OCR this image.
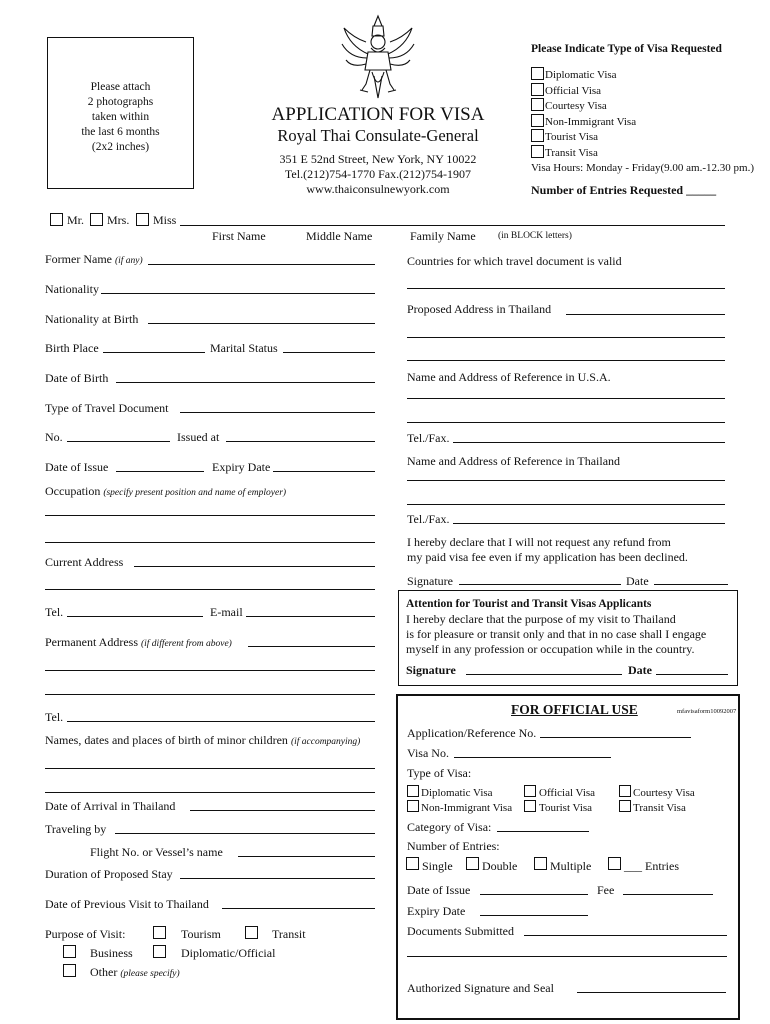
Please attach
2 photographs
taken within
the last 6 months
(2x2 inches)
APPLICATION FOR VISA
Royal Thai Consulate-General
351 E 52nd Street, New York, NY 10022
Tel.(212)754-1770 Fax.(212)754-1907
www.thaiconsulnewyork.com
Please Indicate Type of Visa Requested
Diplomatic Visa
Official Visa
Courtesy Visa
Non-Immigrant Visa
Tourist Visa
Transit Visa
Visa Hours: Monday - Friday(9.00 am.-12.30 pm.)
Number of Entries Requested _____
Mr. Mrs. Miss
First Name	Middle Name	Family Name (in BLOCK letters)
Former Name (if any)
Nationality
Nationality at Birth
Birth Place	Marital Status
Date of Birth
Type of Travel Document
No.	Issued at
Date of Issue	Expiry Date
Occupation (specify present position and name of employer)
Current Address
Tel.	E-mail
Permanent Address (if different from above)
Tel.
Names, dates and places of birth of minor children (if accompanying)
Date of Arrival in Thailand
Traveling by
Flight No. or Vessel’s name
Duration of Proposed Stay
Date of Previous Visit to Thailand
Purpose of Visit:	Tourism	Transit
Business	Diplomatic/Official
Other (please specify)
Countries for which travel document is valid
Proposed Address in Thailand
Name and Address of Reference in U.S.A.
Tel./Fax.
Name and Address of Reference in Thailand
Tel./Fax.
I hereby declare that I will not request any refund from
my paid visa fee even if my application has been declined.
Signature	Date
Attention for Tourist and Transit Visas Applicants
I hereby declare that the purpose of my visit to Thailand
is for pleasure or transit only and that in no case shall I engage
myself in any profession or occupation while in the country.
Signature	Date
FOR OFFICIAL USE	mfavisaform10092007
Application/Reference No.
Visa No.
Type of Visa:
Diplomatic Visa	Official Visa	Courtesy Visa
Non-Immigrant Visa Tourist Visa	Transit Visa
Category of Visa:
Number of Entries:
Single Double	Multiple	___ Entries
Date of Issue	Fee
Expiry Date
Documents Submitted
Authorized Signature and Seal
